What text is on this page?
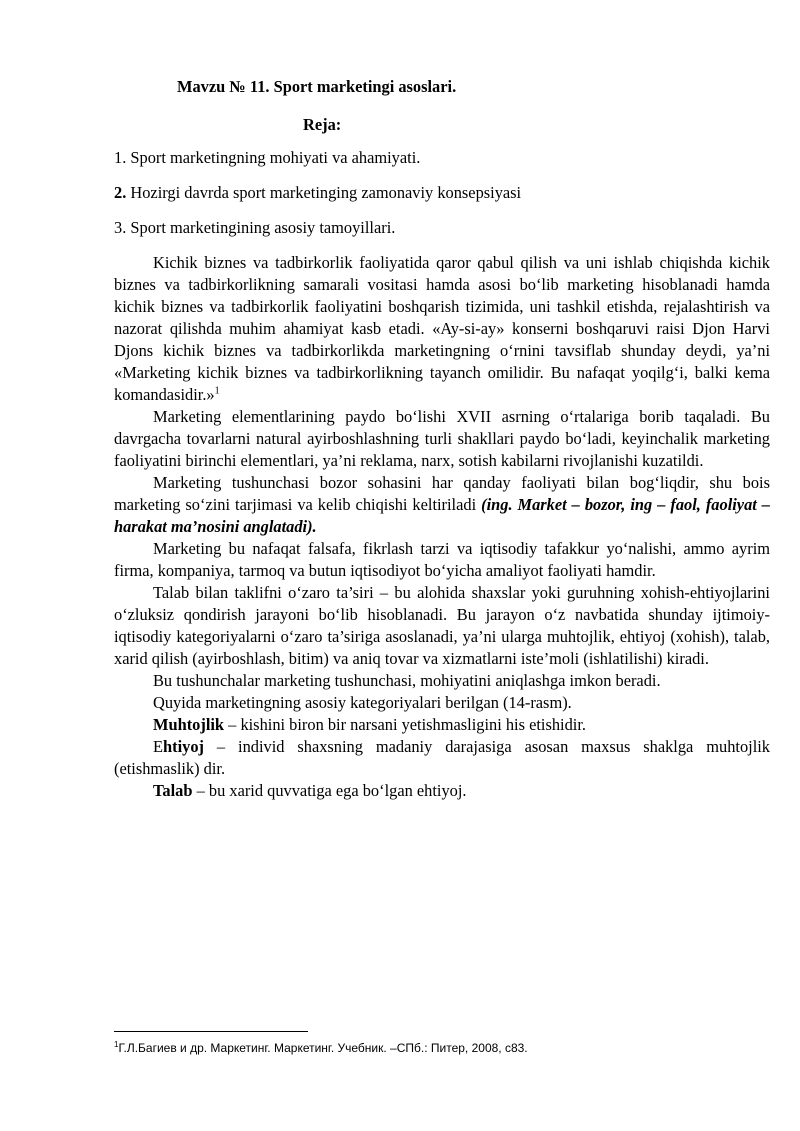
Mavzu № 11. Sport marketingi asoslari.
Reja:
1. Sport marketingning mohiyati va ahamiyati.
2. Hozirgi davrda sport marketinging zamonaviy konsepsiyasi
3. Sport marketingining asosiy tamoyillari.

Kichik biznes va tadbirkorlik faoliyatida qaror qabul qilish va uni ishlab chiqishda kichik biznes va tadbirkorlikning samarali vositasi hamda asosi bo‘lib marketing hisoblanadi hamda kichik biznes va tadbirkorlik faoliyatini boshqarish tizimida, uni tashkil etishda, rejalashtirish va nazorat qilishda muhim ahamiyat kasb etadi. «Ay-si-ay» konserni boshqaruvi raisi Djon Harvi Djons kichik biznes va tadbirkorlikda marketingning o‘rnini tavsiflab shunday deydi, ya’ni «Marketing kichik biznes va tadbirkorlikning tayanch omilidir. Bu nafaqat yoqilg‘i, balki kema komandasidir.»$^1$

Marketing elementlarining paydo bo‘lishi XVII asrning o‘rtalariga borib taqaladi. Bu davrgacha tovarlarni natural ayirboshlashning turli shakllari paydo bo‘ladi, keyinchalik marketing faoliyatini birinchi elementlari, ya’ni reklama, narx, sotish kabilarni rivojlanishi kuzatildi.

Marketing tushunchasi bozor sohasini har qanday faoliyati bilan bog‘liqdir, shu bois marketing so‘zini tarjimasi va kelib chiqishi keltiriladi (ing. Market – bozor, ing – faol, faoliyat – harakat ma’nosini anglatadi).

Marketing bu nafaqat falsafa, fikrlash tarzi va iqtisodiy tafakkur yo‘nalishi, ammo ayrim firma, kompaniya, tarmoq va butun iqtisodiyot bo‘yicha amaliyot faoliyati hamdir.

Talab bilan taklifni o‘zaro ta’siri – bu alohida shaxslar yoki guruhning xohish-ehtiyojlarini o‘zluksiz qondirish jarayoni bo‘lib hisoblanadi. Bu jarayon o‘z navbatida shunday ijtimoiy-iqtisodiy kategoriyalarni o‘zaro ta’siriga asoslanadi, ya’ni ularga muhtojlik, ehtiyoj (xohish), talab, xarid qilish (ayirboshlash, bitim) va aniq tovar va xizmatlarni iste’moli (ishlatilishi) kiradi.

Bu tushunchalar marketing tushunchasi, mohiyatini aniqlashga imkon beradi.

Quyida marketingning asosiy kategoriyalari berilgan (14-rasm).

Muhtojlik – kishini biron bir narsani yetishmasligini his etishidir.

Ehtiyoj – individ shaxsning madaniy darajasiga asosan maxsus shaklga muhtojlik (etishmaslik) dir.

Talab – bu xarid quvvatiga ega bo‘lgan ehtiyoj.

$^1$Г.Л.Багиев и др. Маркетинг. Маркетинг. Учебник. –СПб.: Питер, 2008, с83.
